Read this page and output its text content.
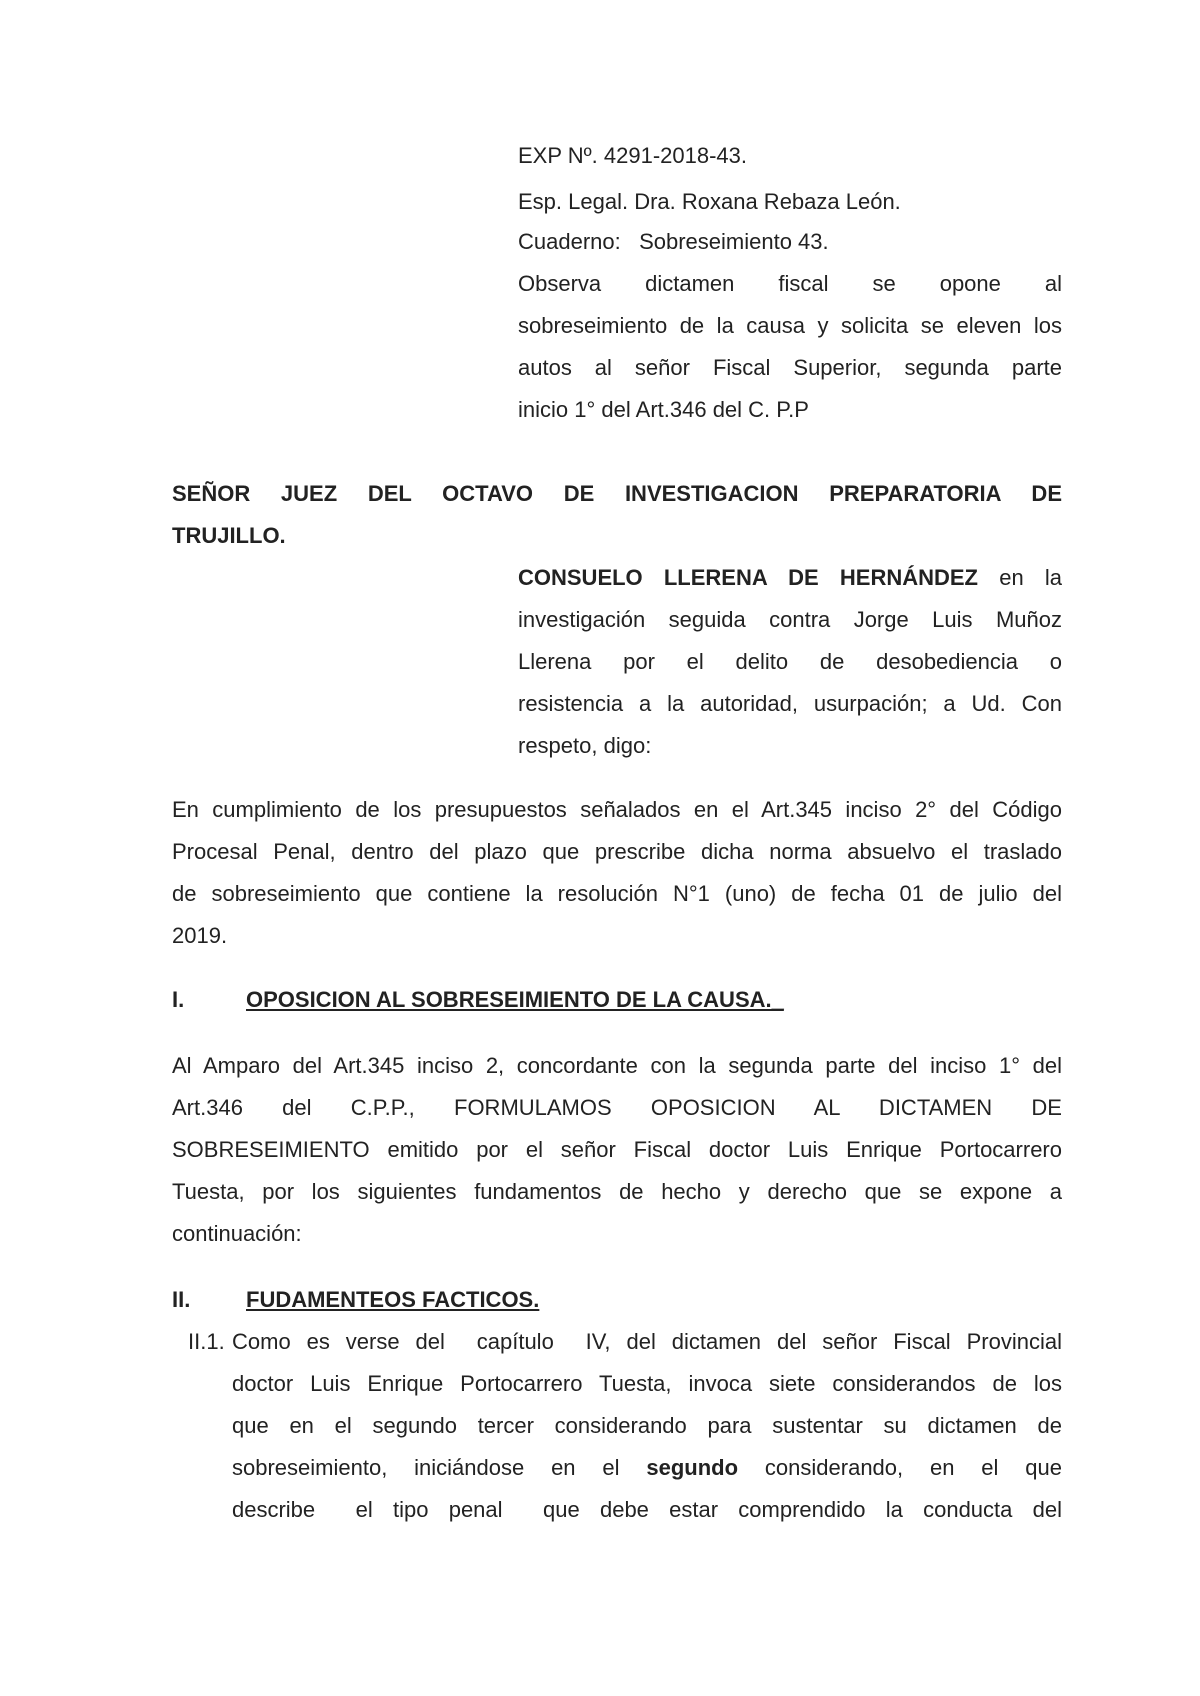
EXP Nº. 4291-2018-43.
Esp. Legal. Dra. Roxana Rebaza León.
Cuaderno:   Sobreseimiento 43.
Observa dictamen fiscal se opone al
sobreseimiento de la causa y solicita se eleven los
autos al señor Fiscal Superior, segunda parte
inicio 1° del Art.346 del C. P.P
SEÑOR JUEZ DEL OCTAVO DE INVESTIGACION PREPARATORIA DE
TRUJILLO.
CONSUELO LLERENA DE HERNÁNDEZ en la
investigación seguida contra Jorge Luis Muñoz
Llerena por el delito de desobediencia o
resistencia a la autoridad, usurpación; a Ud. Con
respeto, digo:
En cumplimiento de los presupuestos señalados en el Art.345 inciso 2° del Código
Procesal Penal, dentro del plazo que prescribe dicha norma absuelvo el traslado
de sobreseimiento que contiene la resolución N°1 (uno) de fecha 01 de julio del
2019.
I.	OPOSICION AL SOBRESEIMIENTO DE LA CAUSA._
Al Amparo del Art.345 inciso 2, concordante con la segunda parte del inciso 1° del
Art.346 del C.P.P., FORMULAMOS OPOSICION AL DICTAMEN DE
SOBRESEIMIENTO emitido por el señor Fiscal doctor Luis Enrique Portocarrero
Tuesta, por los siguientes fundamentos de hecho y derecho que se expone a
continuación:
II.	FUDAMENTEOS FACTICOS.
II.1. Como es verse del  capítulo  IV, del dictamen del señor Fiscal Provincial
doctor Luis Enrique Portocarrero Tuesta, invoca siete considerandos de los
que en el segundo tercer considerando para sustentar su dictamen de
sobreseimiento, iniciándose en el segundo considerando, en el que
describe  el tipo penal  que debe estar comprendido la conducta del
